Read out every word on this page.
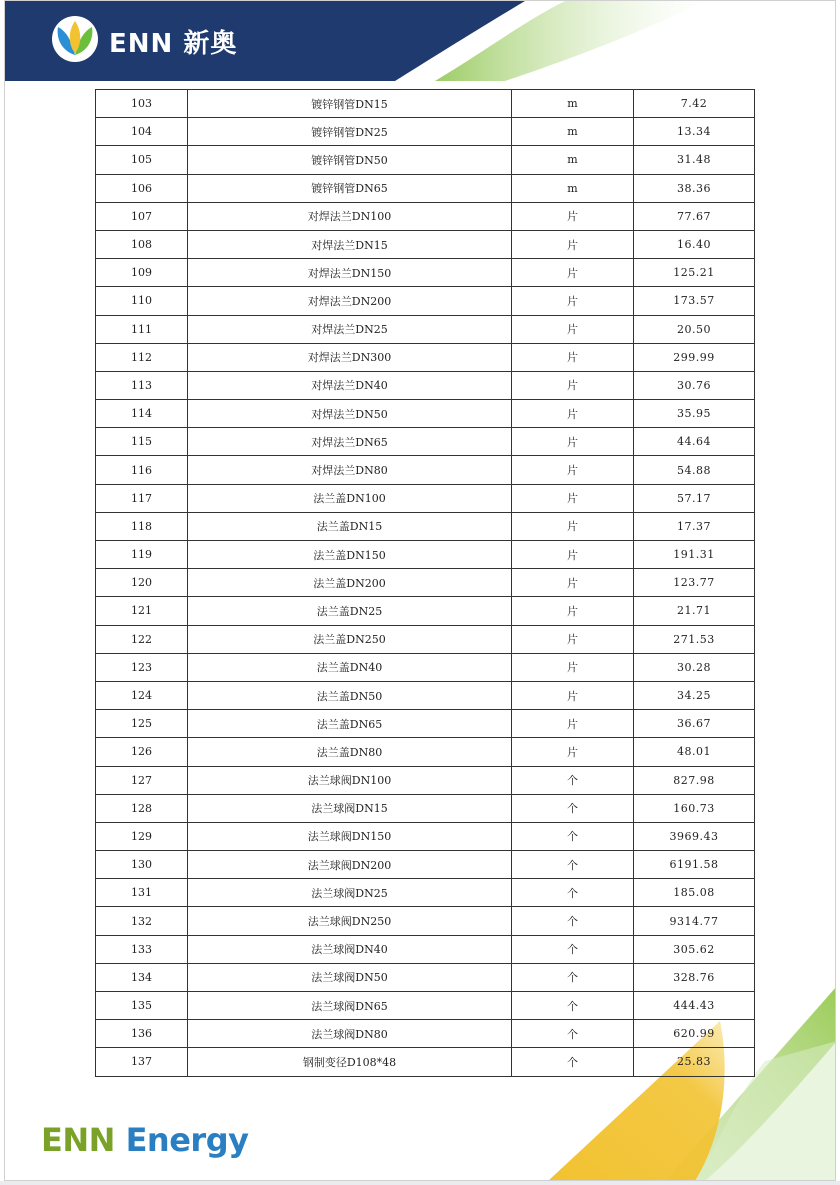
ENN 新奥
ENN Energy
103	镀锌钢管DN15	m	7.42
104	镀锌钢管DN25	m	13.34
105	镀锌钢管DN50	m	31.48
106	镀锌钢管DN65	m	38.36
107	对焊法兰DN100	片	77.67
108	对焊法兰DN15	片	16.40
109	对焊法兰DN150	片	125.21
110	对焊法兰DN200	片	173.57
111	对焊法兰DN25	片	20.50
112	对焊法兰DN300	片	299.99
113	对焊法兰DN40	片	30.76
114	对焊法兰DN50	片	35.95
115	对焊法兰DN65	片	44.64
116	对焊法兰DN80	片	54.88
117	法兰盖DN100	片	57.17
118	法兰盖DN15	片	17.37
119	法兰盖DN150	片	191.31
120	法兰盖DN200	片	123.77
121	法兰盖DN25	片	21.71
122	法兰盖DN250	片	271.53
123	法兰盖DN40	片	30.28
124	法兰盖DN50	片	34.25
125	法兰盖DN65	片	36.67
126	法兰盖DN80	片	48.01
127	法兰球阀DN100	个	827.98
128	法兰球阀DN15	个	160.73
129	法兰球阀DN150	个	3969.43
130	法兰球阀DN200	个	6191.58
131	法兰球阀DN25	个	185.08
132	法兰球阀DN250	个	9314.77
133	法兰球阀DN40	个	305.62
134	法兰球阀DN50	个	328.76
135	法兰球阀DN65	个	444.43
136	法兰球阀DN80	个	620.99
137	钢制变径D108*48	个	25.83
